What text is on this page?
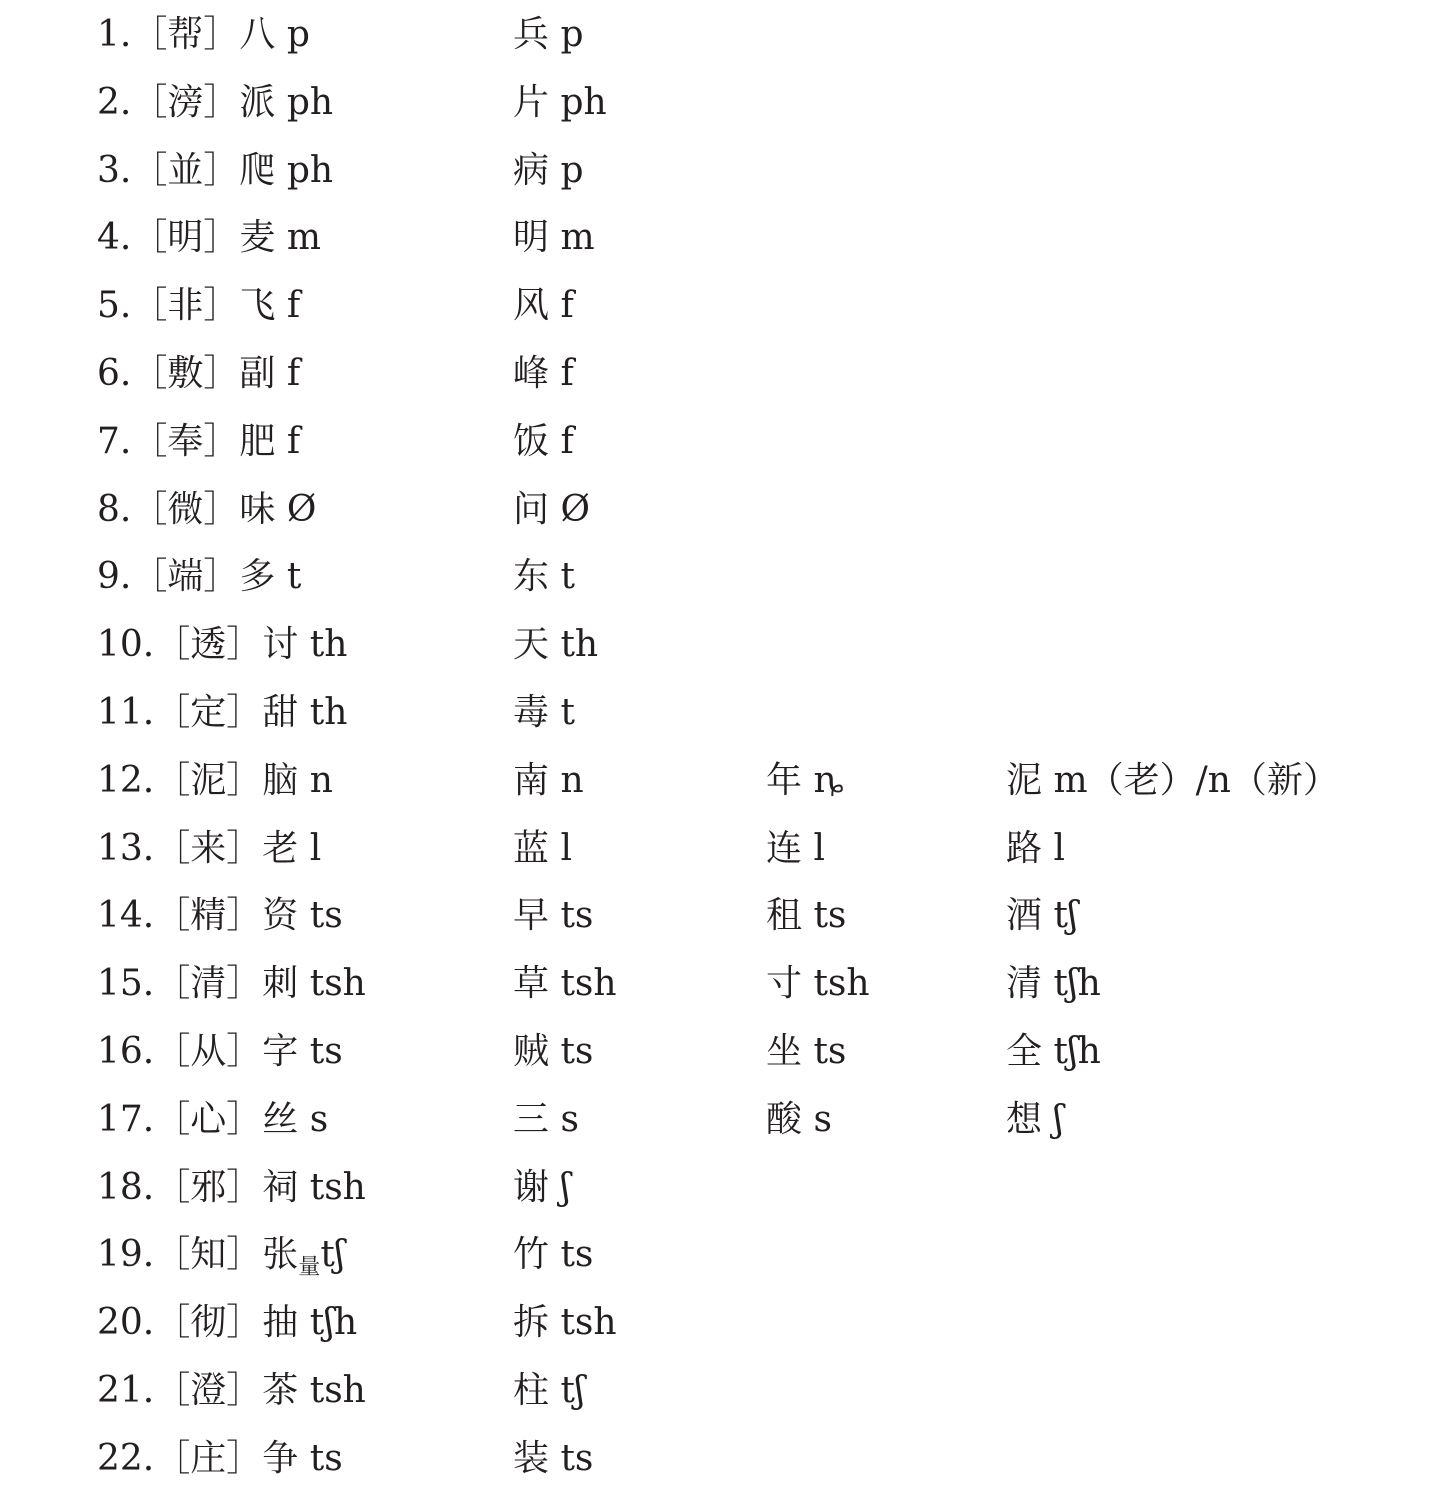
1.［帮］八 p	兵 p
2.［滂］派 ph	片 ph
3.［並］爬 ph	病 p
4.［明］麦 m	明 m
5.［非］飞 f	风 f
6.［敷］副 f	峰 f
7.［奉］肥 f	饭 f
8.［微］味 Ø	问 Ø
9.［端］多 t	东 t
10.［透］讨 th	天 th
11.［定］甜 th	毒 t
12.［泥］脑 n	南 n	年 ȵ	泥 m（老）/n（新）
13.［来］老 l	蓝 l	连 l	路 l
14.［精］资 ts	早 ts	租 ts	酒 tʃ
15.［清］刺 tsh	草 tsh	寸 tsh	清 tʃh
16.［从］字 ts	贼 ts	坐 ts	全 tʃh
17.［心］丝 s	三 s	酸 s	想 ʃ
18.［邪］祠 tsh	谢 ʃ
19.［知］张$_量$tʃ	竹 ts
20.［彻］抽 tʃh	拆 tsh
21.［澄］茶 tsh	柱 tʃ
22.［庄］争 ts	装 ts
